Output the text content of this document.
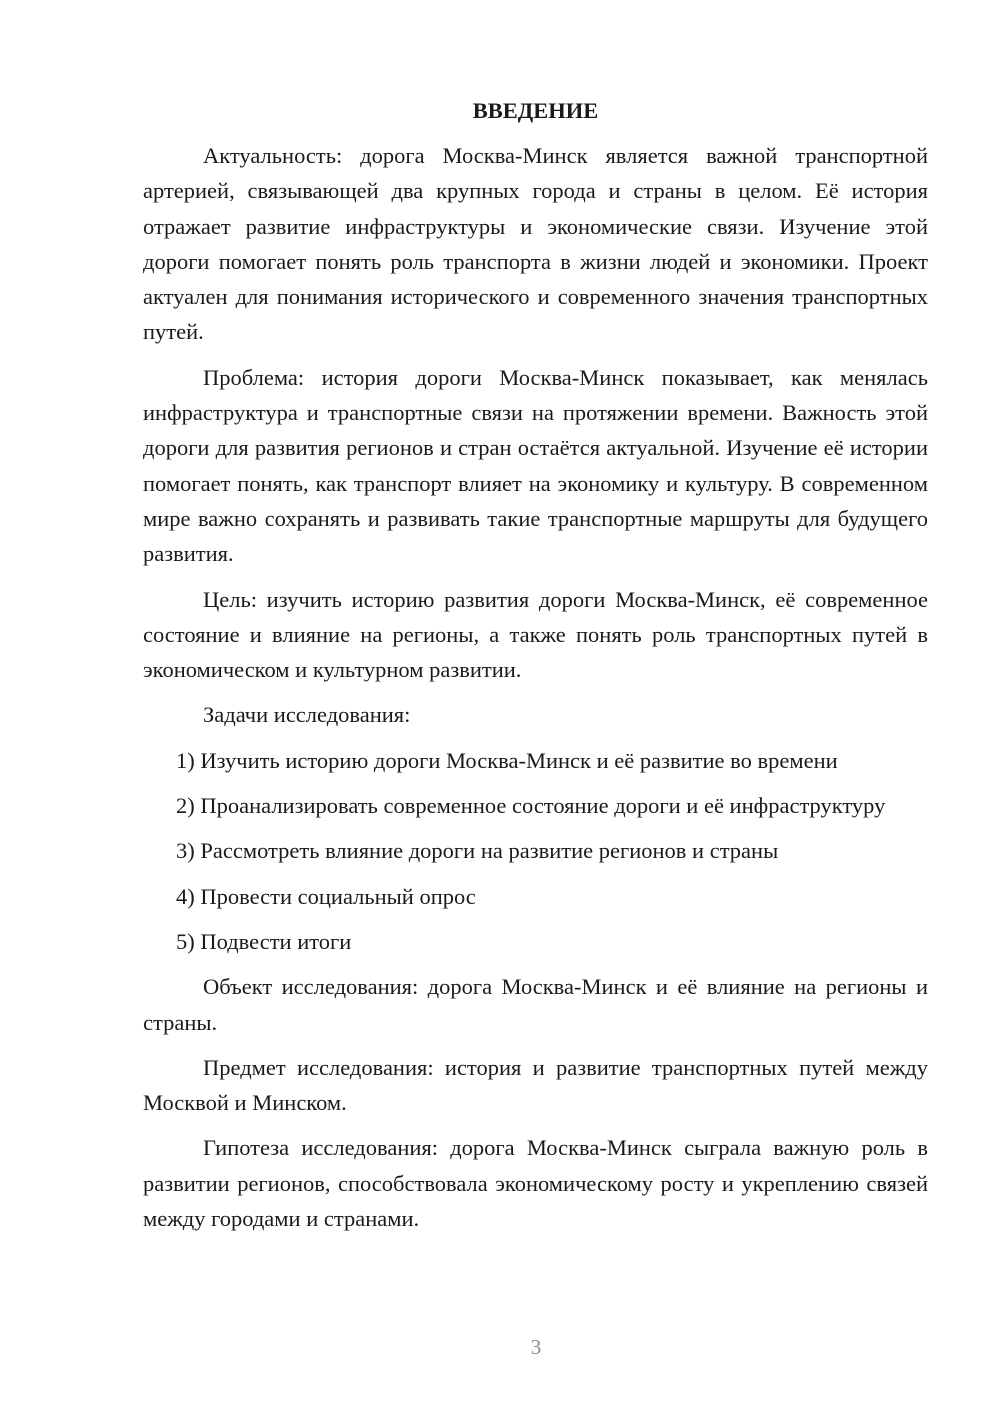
ВВЕДЕНИЕ

Актуальность: дорога Москва-Минск является важной транспортной артерией, связывающей два крупных города и страны в целом. Её история отражает развитие инфраструктуры и экономические связи. Изучение этой дороги помогает понять роль транспорта в жизни людей и экономики. Проект актуален для понимания исторического и современного значения транспортных путей.

Проблема: история дороги Москва-Минск показывает, как менялась инфраструктура и транспортные связи на протяжении времени. Важность этой дороги для развития регионов и стран остаётся актуальной. Изучение её истории помогает понять, как транспорт влияет на экономику и культуру. В современном мире важно сохранять и развивать такие транспортные маршруты для будущего развития.

Цель: изучить историю развития дороги Москва-Минск, её современное состояние и влияние на регионы, а также понять роль транспортных путей в экономическом и культурном развитии.

Задачи исследования:

1) Изучить историю дороги Москва-Минск и её развитие во времени

2) Проанализировать современное состояние дороги и её инфраструктуру

3) Рассмотреть влияние дороги на развитие регионов и страны

4) Провести социальный опрос

5) Подвести итоги

Объект исследования: дорога Москва-Минск и её влияние на регионы и страны.

Предмет исследования: история и развитие транспортных путей между Москвой и Минском.

Гипотеза исследования: дорога Москва-Минск сыграла важную роль в развитии регионов, способствовала экономическому росту и укреплению связей между городами и странами.

3
